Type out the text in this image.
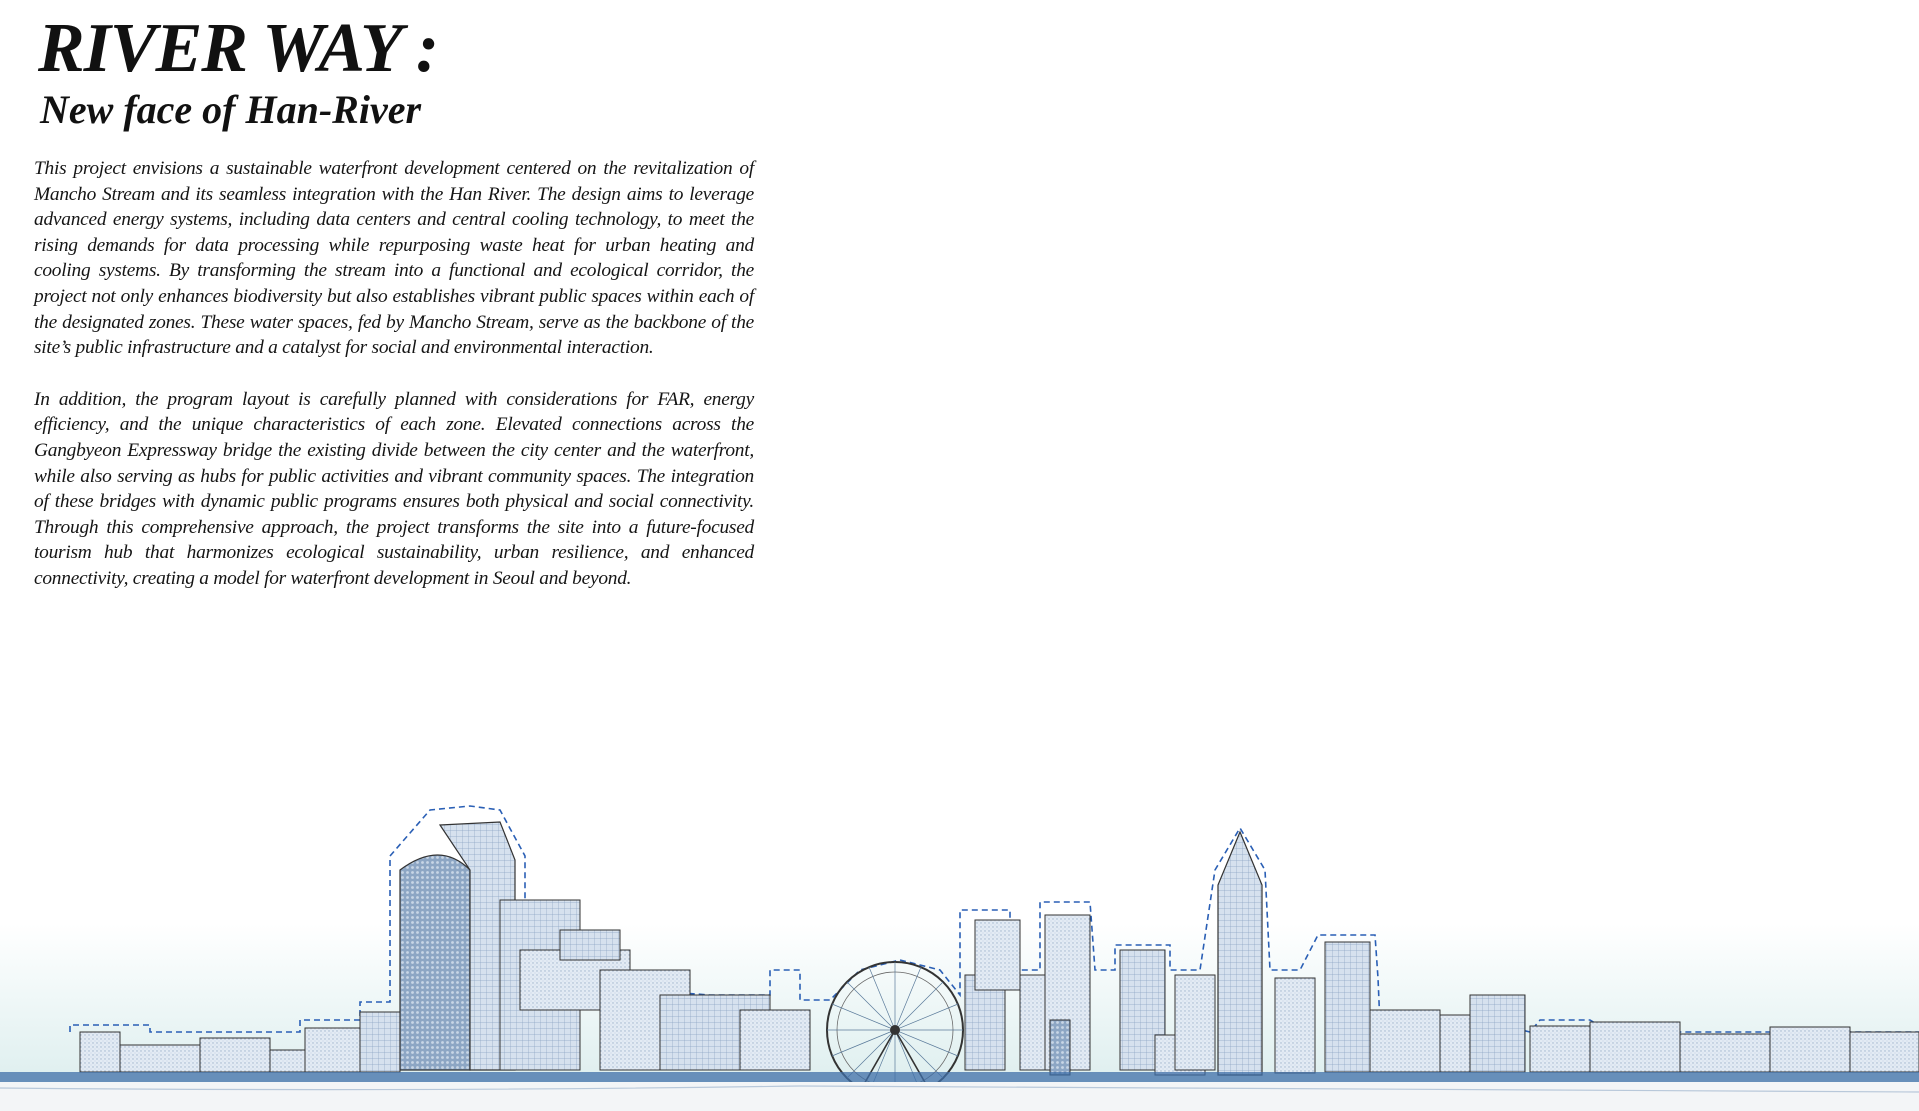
RIVER WAY :
New face of Han-River

This project envisions a sustainable waterfront development centered on the revitalization of Mancho Stream and its seamless integration with the Han River. The design aims to leverage advanced energy systems, including data centers and central cooling technology, to meet the rising demands for data processing while repurposing waste heat for urban heating and cooling systems. By transforming the stream into a functional and ecological corridor, the project not only enhances biodiversity but also establishes vibrant public spaces within each of the designated zones. These water spaces, fed by Mancho Stream, serve as the backbone of the site’s public infrastructure and a catalyst for social and environmental interaction.

In addition, the program layout is carefully planned with considerations for FAR, energy efficiency, and the unique characteristics of each zone. Elevated connections across the Gangbyeon Expressway bridge the existing divide between the city center and the waterfront, while also serving as hubs for public activities and vibrant community spaces. The integration of these bridges with dynamic public programs ensures both physical and social connectivity. Through this comprehensive approach, the project transforms the site into a future-focused tourism hub that harmonizes ecological sustainability, urban resilience, and enhanced connectivity, creating a model for waterfront development in Seoul and beyond.
